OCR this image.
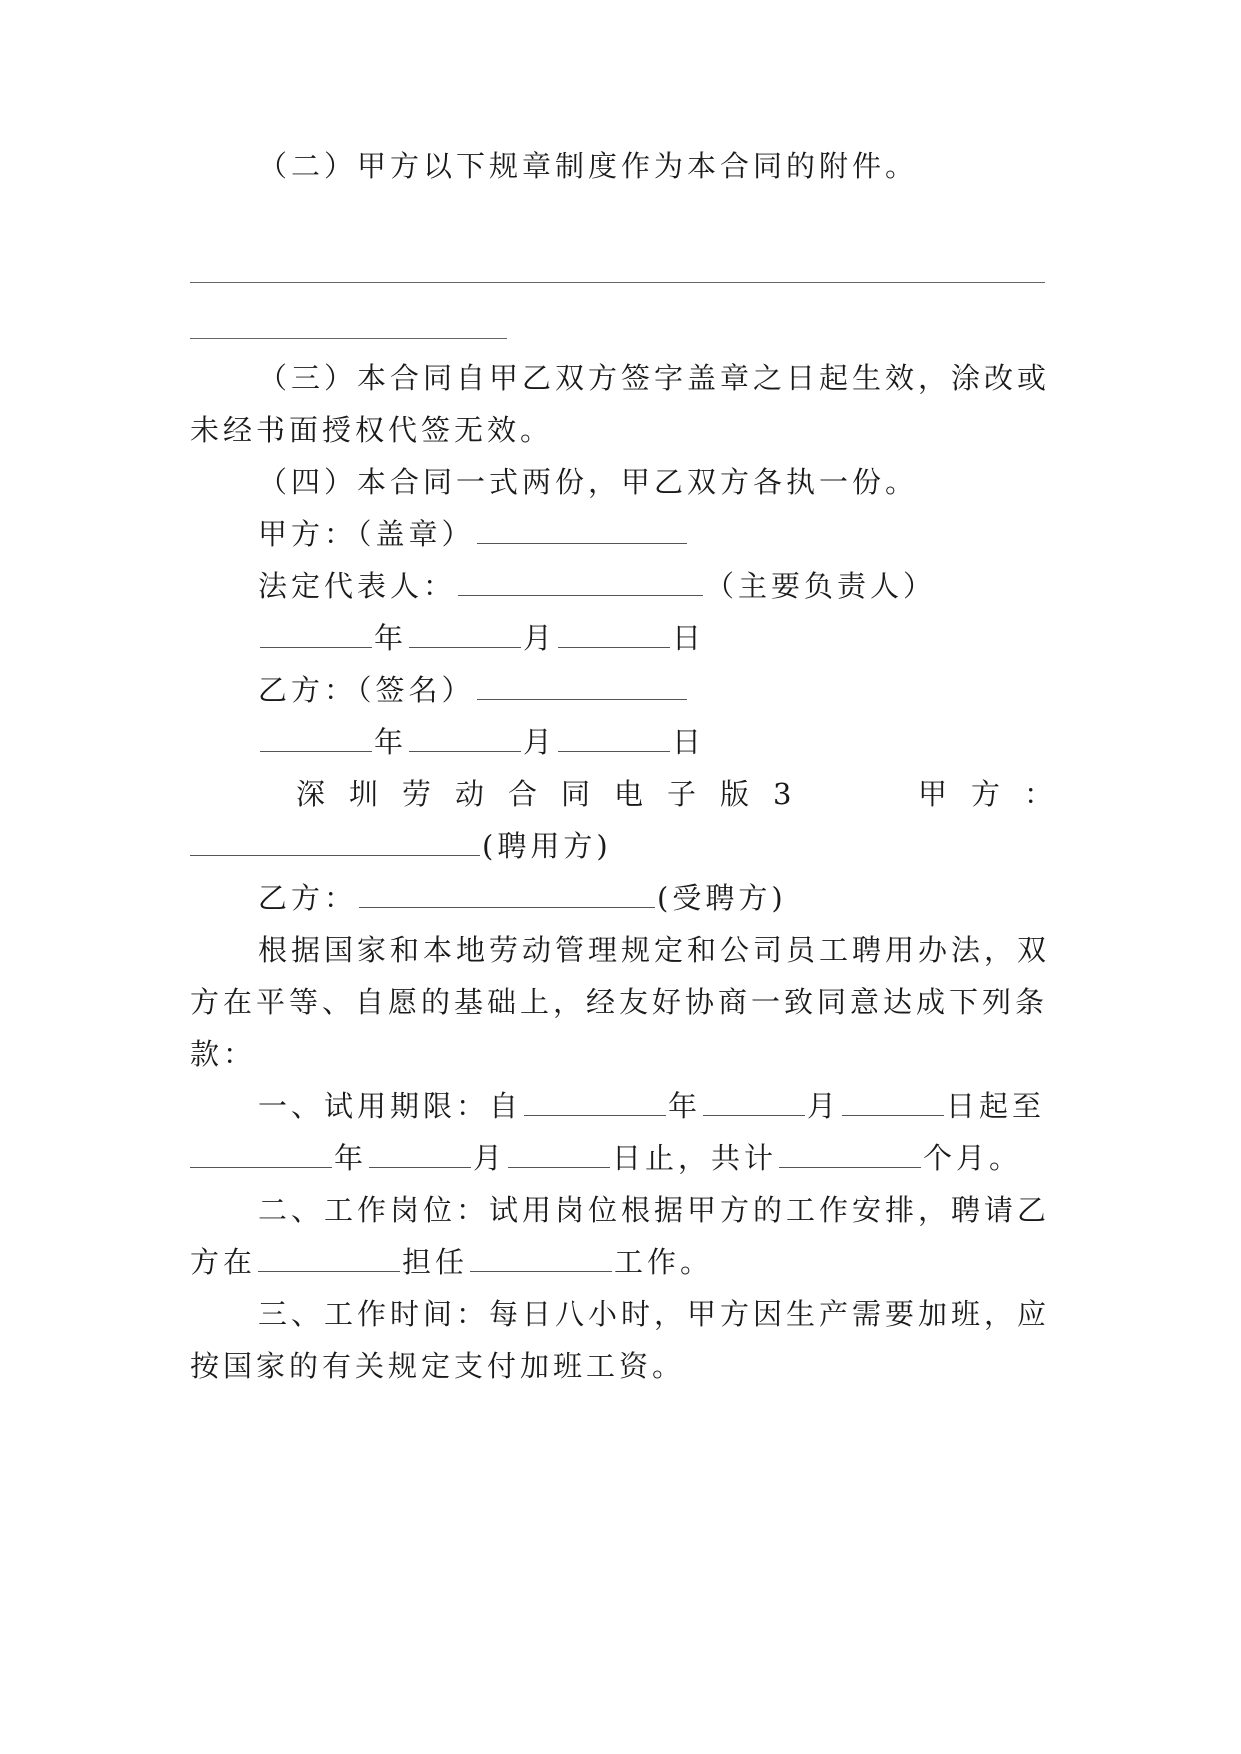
（二）甲方以下规章制度作为本合同的附件。
（三）本合同自甲乙双方签字盖章之日起生效，涂改或
未经书面授权代签无效。
（四）本合同一式两份，甲乙双方各执一份。
甲方：（盖章）
法定代表人：	（主要负责人）
年	月	日
乙方：（签名）
年	月	日
深圳劳动合同电子版3	甲方：
(聘用方)
乙方：	(受聘方)
根据国家和本地劳动管理规定和公司员工聘用办法，双
方在平等、自愿的基础上，经友好协商一致同意达成下列条
款：
一、试用期限：自	年	月	日起至
年	月	日止，共计	个月。
二、工作岗位：试用岗位根据甲方的工作安排，聘请乙
方在	担任	工作。
三、工作时间：每日八小时，甲方因生产需要加班，应
按国家的有关规定支付加班工资。
